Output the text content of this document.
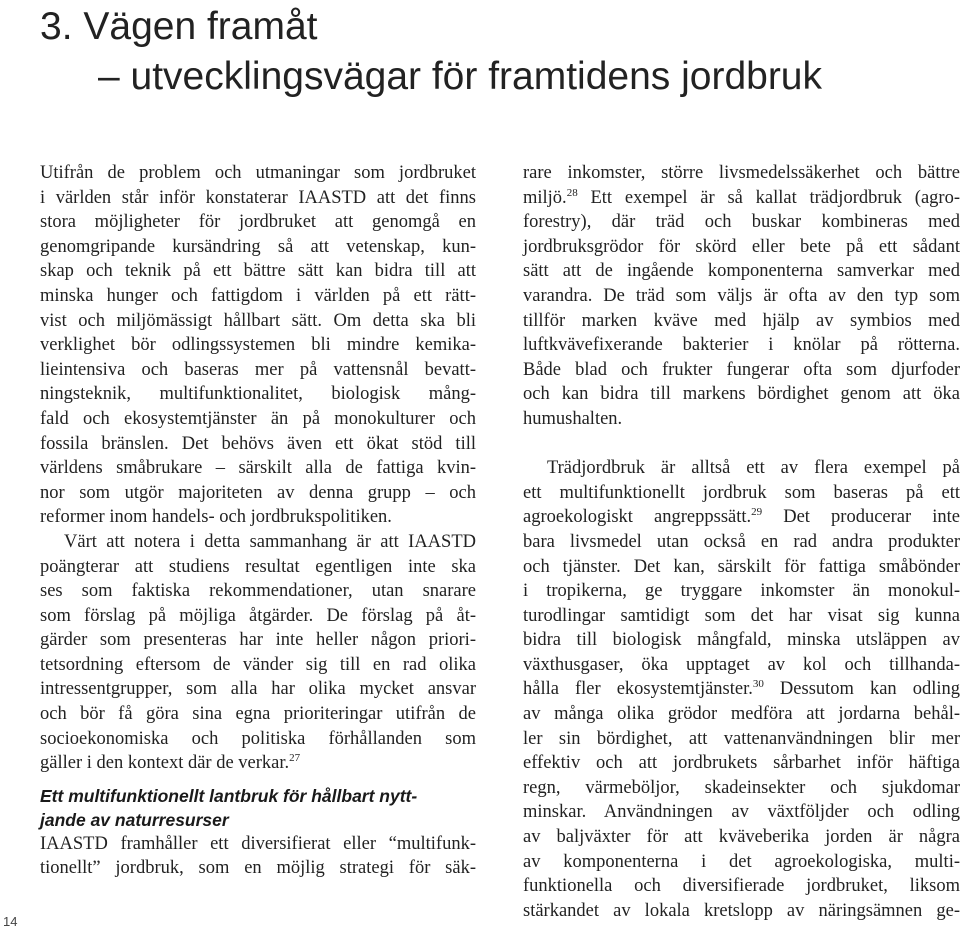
3. Vägen framåt
– utvecklingsvägar för framtidens jordbruk
Utifrån de problem och utmaningar som jordbruket
i världen står inför konstaterar IAASTD att det finns
stora möjligheter för jordbruket att genomgå en
genomgripande kursändring så att vetenskap, kun-
skap och teknik på ett bättre sätt kan bidra till att
minska hunger och fattigdom i världen på ett rätt-
vist och miljömässigt hållbart sätt. Om detta ska bli
verklighet bör odlingssystemen bli mindre kemika-
lieintensiva och baseras mer på vattensnål bevatt-
ningsteknik, multifunktionalitet, biologisk mång-
fald och ekosystemtjänster än på monokulturer och
fossila bränslen. Det behövs även ett ökat stöd till
världens småbrukare – särskilt alla de fattiga kvin-
nor som utgör majoriteten av denna grupp – och
reformer inom handels- och jordbrukspolitiken.
Värt att notera i detta sammanhang är att IAASTD
poängterar att studiens resultat egentligen inte ska
ses som faktiska rekommendationer, utan snarare
som förslag på möjliga åtgärder. De förslag på åt-
gärder som presenteras har inte heller någon priori-
tetsordning eftersom de vänder sig till en rad olika
intressentgrupper, som alla har olika mycket ansvar
och bör få göra sina egna prioriteringar utifrån de
socioekonomiska och politiska förhållanden som
gäller i den kontext där de verkar.$^{27}$
Ett multifunktionellt lantbruk för hållbart nytt-
jande av naturresurser
IAASTD framhåller ett diversifierat eller “multifunk-
tionellt” jordbruk, som en möjlig strategi för säk-
rare inkomster, större livsmedelssäkerhet och bättre
miljö.$^{28}$ Ett exempel är så kallat trädjordbruk (agro-
forestry), där träd och buskar kombineras med
jordbruksgrödor för skörd eller bete på ett sådant
sätt att de ingående komponenterna samverkar med
varandra. De träd som väljs är ofta av den typ som
tillför marken kväve med hjälp av symbios med
luftkvävefixerande bakterier i knölar på rötterna.
Både blad och frukter fungerar ofta som djurfoder
och kan bidra till markens bördighet genom att öka
humushalten.
Trädjordbruk är alltså ett av flera exempel på
ett multifunktionellt jordbruk som baseras på ett
agroekologiskt angreppssätt.$^{29}$ Det producerar inte
bara livsmedel utan också en rad andra produkter
och tjänster. Det kan, särskilt för fattiga småbönder
i tropikerna, ge tryggare inkomster än monokul-
turodlingar samtidigt som det har visat sig kunna
bidra till biologisk mångfald, minska utsläppen av
växthusgaser, öka upptaget av kol och tillhanda-
hålla fler ekosystemtjänster.$^{30}$ Dessutom kan odling
av många olika grödor medföra att jordarna behål-
ler sin bördighet, att vattenanvändningen blir mer
effektiv och att jordbrukets sårbarhet inför häftiga
regn, värmeböljor, skadeinsekter och sjukdomar
minskar. Användningen av växtföljder och odling
av baljväxter för att kväveberika jorden är några
av komponenterna i det agroekologiska, multi-
funktionella och diversifierade jordbruket, liksom
stärkandet av lokala kretslopp av näringsämnen ge-
14
